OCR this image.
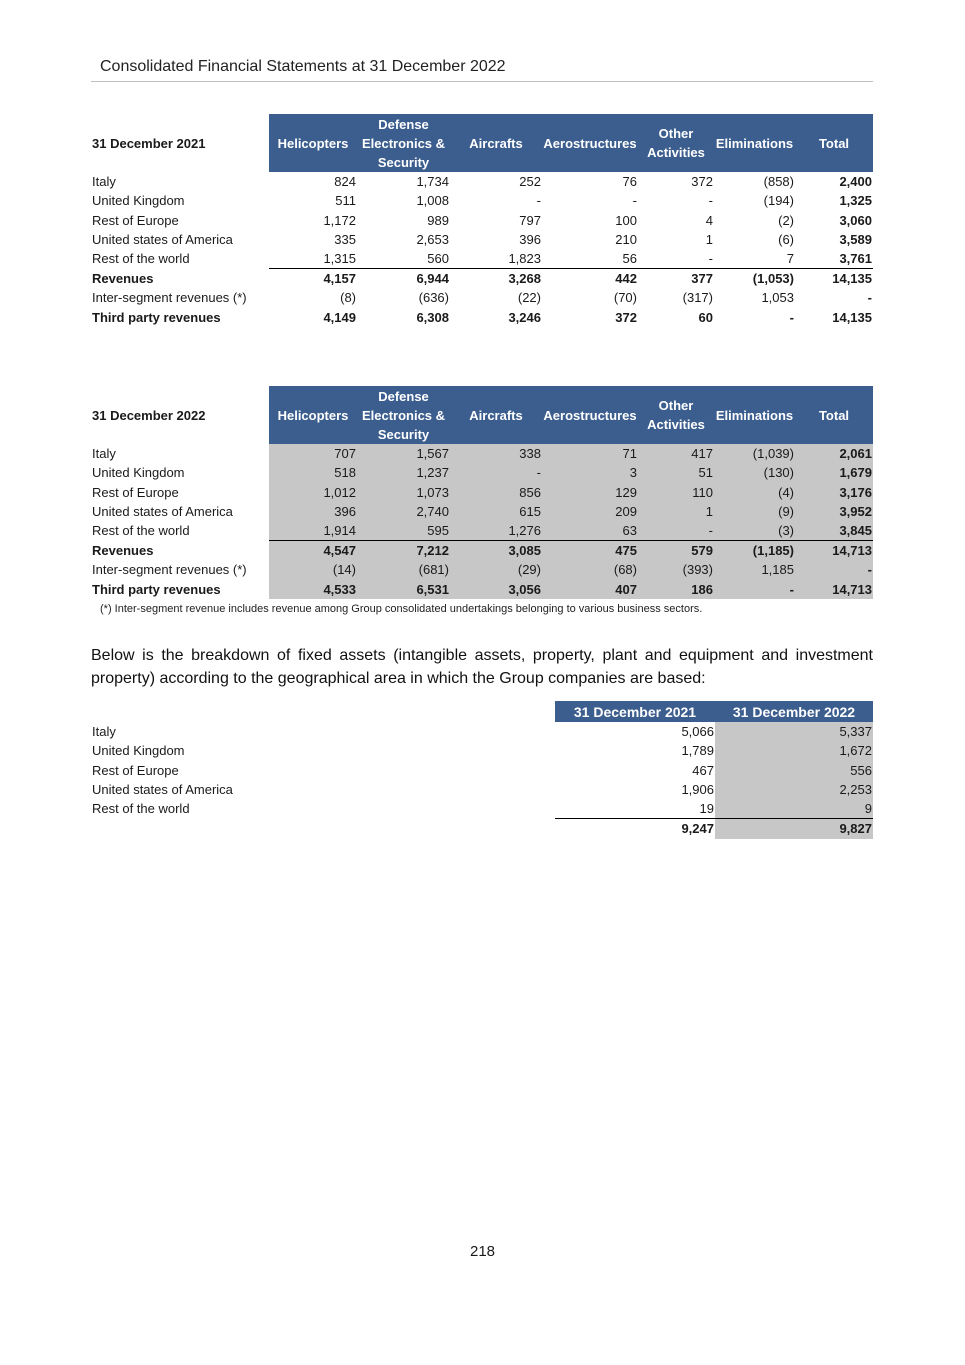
Consolidated Financial Statements at 31 December 2022
31 December 2021	Helicopters	Defense Electronics & Security	Aircrafts	Aerostructures	Other Activities	Eliminations	Total
Italy	824	1,734	252	76	372	(858)	2,400
United Kingdom	511	1,008	-	-	-	(194)	1,325
Rest of Europe	1,172	989	797	100	4	(2)	3,060
United states of America	335	2,653	396	210	1	(6)	3,589
Rest of the world	1,315	560	1,823	56	-	7	3,761
Revenues	4,157	6,944	3,268	442	377	(1,053)	14,135
Inter-segment revenues (*)	(8)	(636)	(22)	(70)	(317)	1,053	-
Third party revenues	4,149	6,308	3,246	372	60	-	14,135
31 December 2022	Helicopters	Defense Electronics & Security	Aircrafts	Aerostructures	Other Activities	Eliminations	Total
Italy	707	1,567	338	71	417	(1,039)	2,061
United Kingdom	518	1,237	-	3	51	(130)	1,679
Rest of Europe	1,012	1,073	856	129	110	(4)	3,176
United states of America	396	2,740	615	209	1	(9)	3,952
Rest of the world	1,914	595	1,276	63	-	(3)	3,845
Revenues	4,547	7,212	3,085	475	579	(1,185)	14,713
Inter-segment revenues (*)	(14)	(681)	(29)	(68)	(393)	1,185	-
Third party revenues	4,533	6,531	3,056	407	186	-	14,713
(*) Inter-segment revenue includes revenue among Group consolidated undertakings belonging to various business sectors.
Below is the breakdown of fixed assets (intangible assets, property, plant and equipment and investment property) according to the geographical area in which the Group companies are based:
	31 December 2021	31 December 2022
Italy	5,066	5,337
United Kingdom	1,789	1,672
Rest of Europe	467	556
United states of America	1,906	2,253
Rest of the world	19	9
	9,247	9,827
218
